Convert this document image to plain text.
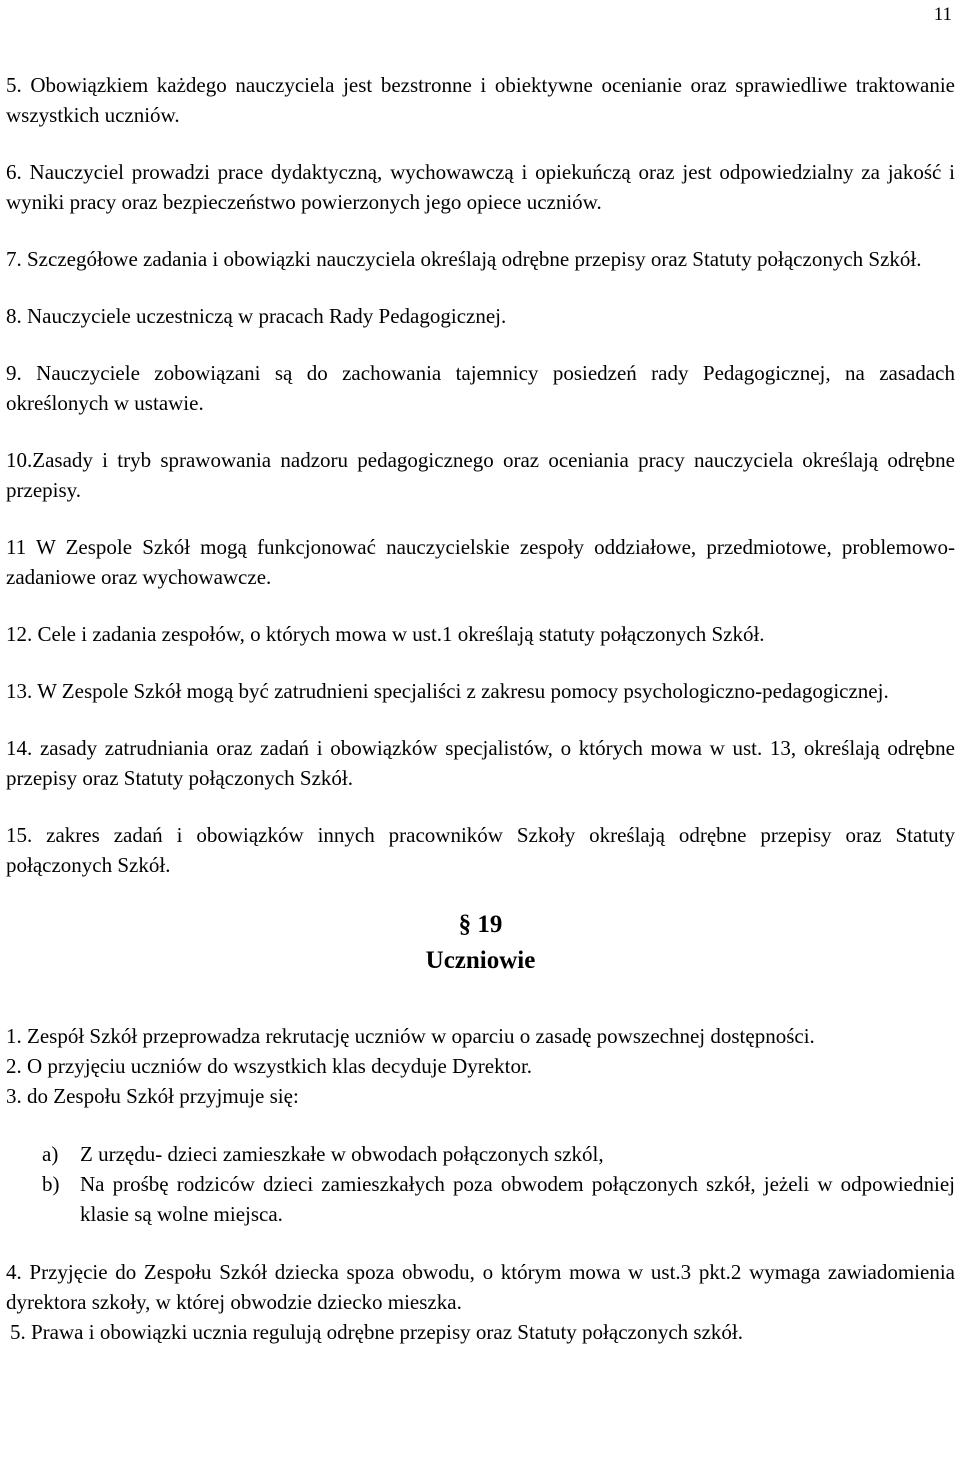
11

5. Obowiązkiem każdego nauczyciela jest bezstronne i obiektywne ocenianie oraz sprawiedliwe traktowanie wszystkich uczniów.

6. Nauczyciel prowadzi prace dydaktyczną, wychowawczą i opiekuńczą oraz jest odpowiedzialny za jakość i wyniki pracy oraz bezpieczeństwo powierzonych jego opiece uczniów.

7. Szczegółowe zadania i obowiązki nauczyciela określają odrębne przepisy oraz Statuty połączonych Szkół.

8. Nauczyciele uczestniczą w pracach Rady Pedagogicznej.

9. Nauczyciele zobowiązani są do zachowania tajemnicy posiedzeń rady Pedagogicznej, na zasadach określonych w ustawie.

10.Zasady i tryb sprawowania nadzoru pedagogicznego oraz oceniania pracy nauczyciela określają odrębne przepisy.

11 W Zespole Szkół mogą funkcjonować nauczycielskie zespoły oddziałowe, przedmiotowe, problemowo-zadaniowe oraz wychowawcze.

12. Cele i zadania zespołów, o których mowa w ust.1 określają statuty połączonych Szkół.

13. W Zespole Szkół mogą być zatrudnieni specjaliści z zakresu pomocy psychologiczno-pedagogicznej.

14. zasady zatrudniania oraz zadań i obowiązków specjalistów, o których mowa w ust. 13, określają odrębne przepisy oraz Statuty połączonych Szkół.

15. zakres zadań i obowiązków innych pracowników Szkoły określają odrębne przepisy oraz Statuty połączonych Szkół.

§ 19
Uczniowie

1. Zespół Szkół przeprowadza rekrutację uczniów w oparciu o zasadę powszechnej dostępności.

2. O przyjęciu uczniów do wszystkich klas decyduje Dyrektor.

3. do Zespołu Szkół przyjmuje się:

a)	Z urzędu- dzieci zamieszkałe w obwodach połączonych szkól,
b) Na prośbę rodziców dzieci zamieszkałych poza obwodem połączonych szkół, jeżeli w odpowiedniej klasie są wolne miejsca.

4. Przyjęcie do Zespołu Szkół dziecka spoza obwodu, o którym mowa w ust.3 pkt.2 wymaga zawiadomienia dyrektora szkoły, w której obwodzie dziecko mieszka.

5. Prawa i obowiązki ucznia regulują odrębne przepisy oraz Statuty połączonych szkół.
